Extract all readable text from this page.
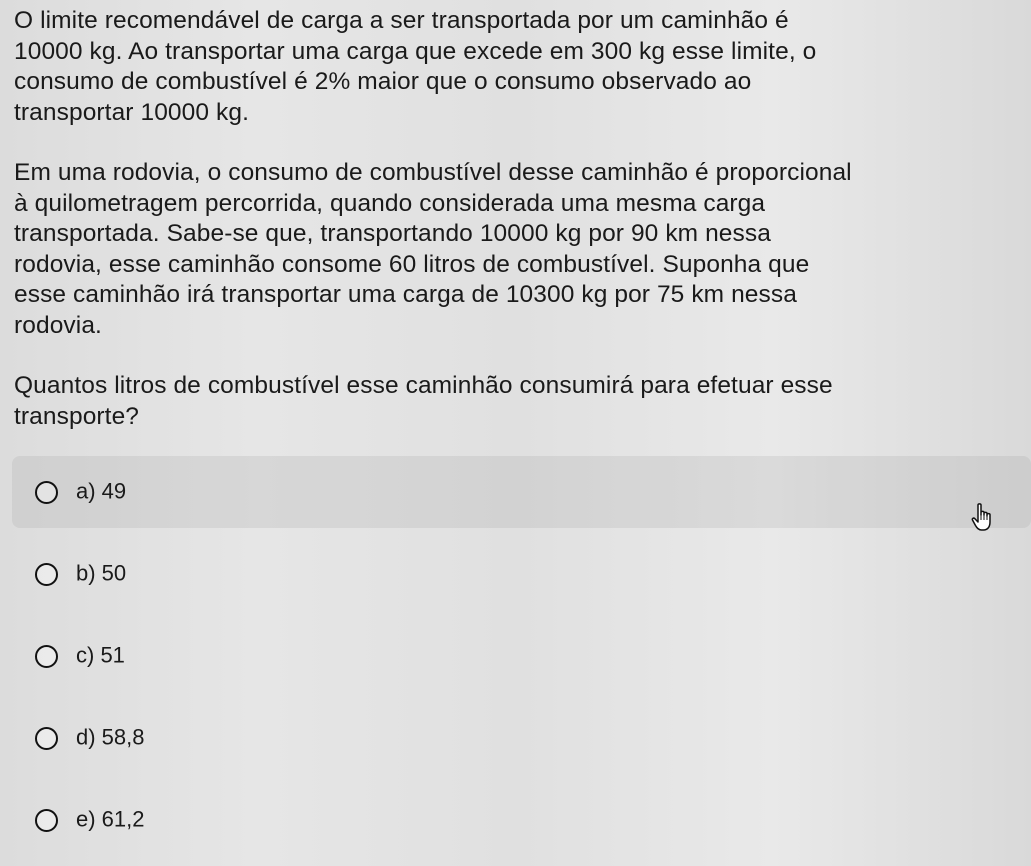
O limite recomendável de carga a ser transportada por um caminhão é
10000 kg. Ao transportar uma carga que excede em 300 kg esse limite, o
consumo de combustível é 2% maior que o consumo observado ao
transportar 10000 kg.

Em uma rodovia, o consumo de combustível desse caminhão é proporcional
à quilometragem percorrida, quando considerada uma mesma carga
transportada. Sabe-se que, transportando 10000 kg por 90 km nessa
rodovia, esse caminhão consome 60 litros de combustível. Suponha que
esse caminhão irá transportar uma carga de 10300 kg por 75 km nessa
rodovia.

Quantos litros de combustível esse caminhão consumirá para efetuar esse
transporte?

a) 49
b) 50
c) 51
d) 58,8
e) 61,2
